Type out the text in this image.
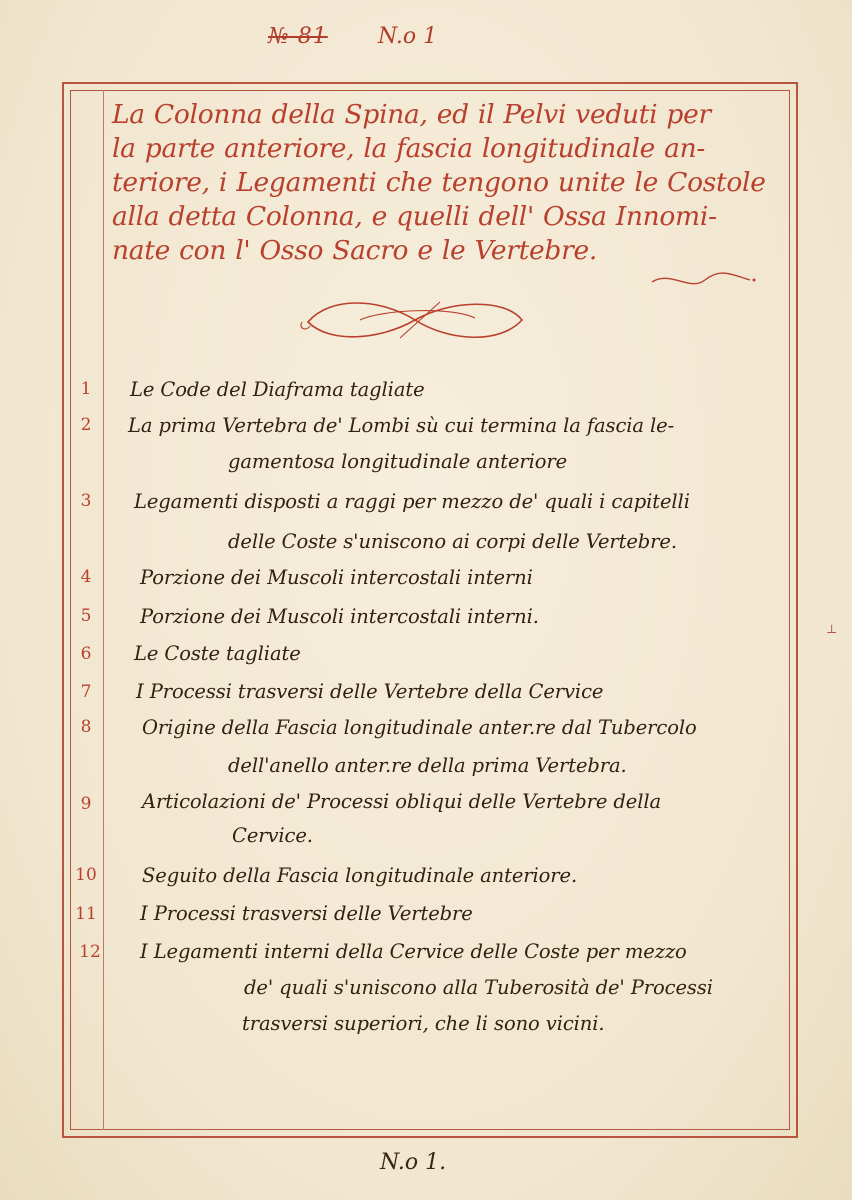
№ 81 N.o 1
La Colonna della Spina, ed il Pelvi veduti per
la parte anteriore, la fascia longitudinale an-
teriore, i Legamenti che tengono unite le Costole
alla detta Colonna, e quelli dell' Ossa Innomi-
nate con l' Osso Sacro e le Vertebre.
1	Le Code del Diaframa tagliate
2	La prima Vertebra de' Lombi sù cui termina la fascia le-
gamentosa longitudinale anteriore
3	Legamenti disposti a raggi per mezzo de' quali i capitelli
delle Coste s'uniscono ai corpi delle Vertebre.
4	Porzione dei Muscoli intercostali interni
5	Porzione dei Muscoli intercostali interni.
6	Le Coste tagliate
7	I Processi trasversi delle Vertebre della Cervice
8	Origine della Fascia longitudinale anter.re dal Tubercolo
dell'anello anter.re della prima Vertebra.
9	Articolazioni de' Processi obliqui delle Vertebre della
Cervice.
10	Seguito della Fascia longitudinale anteriore.
11	I Processi trasversi delle Vertebre
12	I Legamenti interni della Cervice delle Coste per mezzo
de' quali s'uniscono alla Tuberosità de' Processi
trasversi superiori, che li sono vicini.
⊥
N.o 1.
